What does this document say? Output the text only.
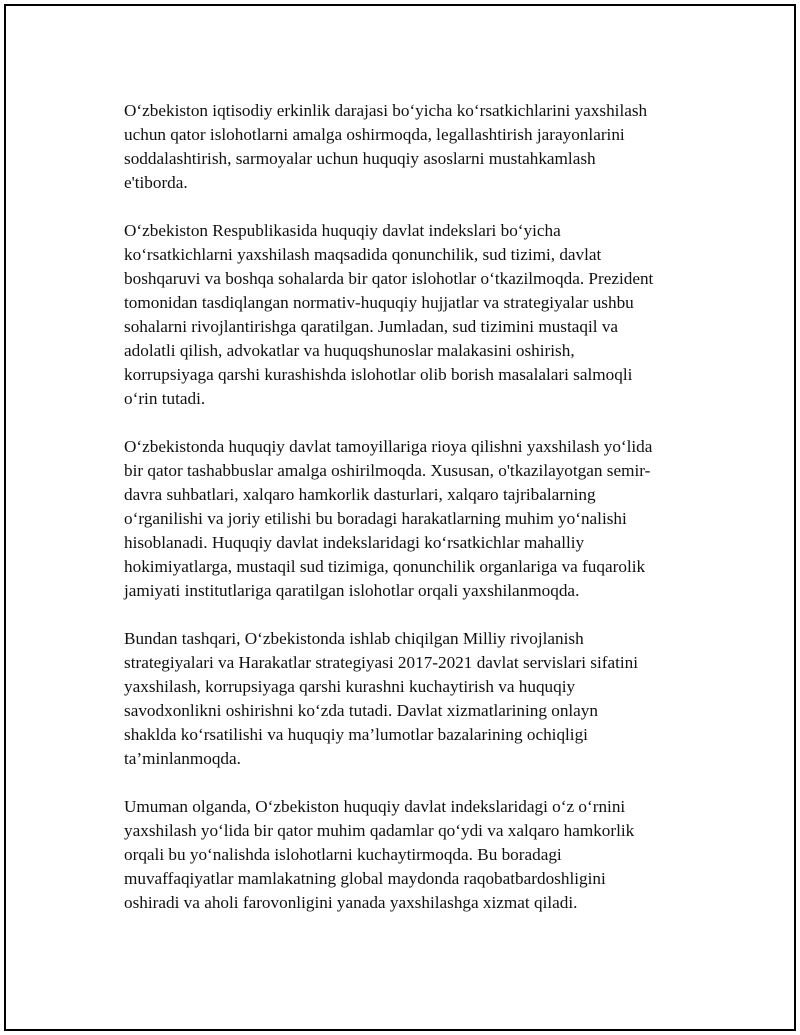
O‘zbekiston iqtisodiy erkinlik darajasi bo‘yicha ko‘rsatkichlarini yaxshilash
uchun qator islohotlarni amalga oshirmoqda, legallashtirish jarayonlarini
soddalashtirish, sarmoyalar uchun huquqiy asoslarni mustahkamlash
e'tiborda.

O‘zbekiston Respublikasida huquqiy davlat indekslari bo‘yicha
ko‘rsatkichlarni yaxshilash maqsadida qonunchilik, sud tizimi, davlat
boshqaruvi va boshqa sohalarda bir qator islohotlar o‘tkazilmoqda. Prezident
tomonidan tasdiqlangan normativ-huquqiy hujjatlar va strategiyalar ushbu
sohalarni rivojlantirishga qaratilgan. Jumladan, sud tizimini mustaqil va
adolatli qilish, advokatlar va huquqshunoslar malakasini oshirish,
korrupsiyaga qarshi kurashishda islohotlar olib borish masalalari salmoqli
o‘rin tutadi.

O‘zbekistonda huquqiy davlat tamoyillariga rioya qilishni yaxshilash yo‘lida
bir qator tashabbuslar amalga oshirilmoqda. Xususan, o'tkazilayotgan semir-
davra suhbatlari, xalqaro hamkorlik dasturlari, xalqaro tajribalarning
o‘rganilishi va joriy etilishi bu boradagi harakatlarning muhim yo‘nalishi
hisoblanadi. Huquqiy davlat indekslaridagi ko‘rsatkichlar mahalliy
hokimiyatlarga, mustaqil sud tizimiga, qonunchilik organlariga va fuqarolik
jamiyati institutlariga qaratilgan islohotlar orqali yaxshilanmoqda.

Bundan tashqari, O‘zbekistonda ishlab chiqilgan Milliy rivojlanish
strategiyalari va Harakatlar strategiyasi 2017-2021 davlat servislari sifatini
yaxshilash, korrupsiyaga qarshi kurashni kuchaytirish va huquqiy
savodxonlikni oshirishni ko‘zda tutadi. Davlat xizmatlarining onlayn
shaklda ko‘rsatilishi va huquqiy ma’lumotlar bazalarining ochiqligi
ta’minlanmoqda.

Umuman olganda, O‘zbekiston huquqiy davlat indekslaridagi o‘z o‘rnini
yaxshilash yo‘lida bir qator muhim qadamlar qo‘ydi va xalqaro hamkorlik
orqali bu yo‘nalishda islohotlarni kuchaytirmoqda. Bu boradagi
muvaffaqiyatlar mamlakatning global maydonda raqobatbardoshligini
oshiradi va aholi farovonligini yanada yaxshilashga xizmat qiladi.
